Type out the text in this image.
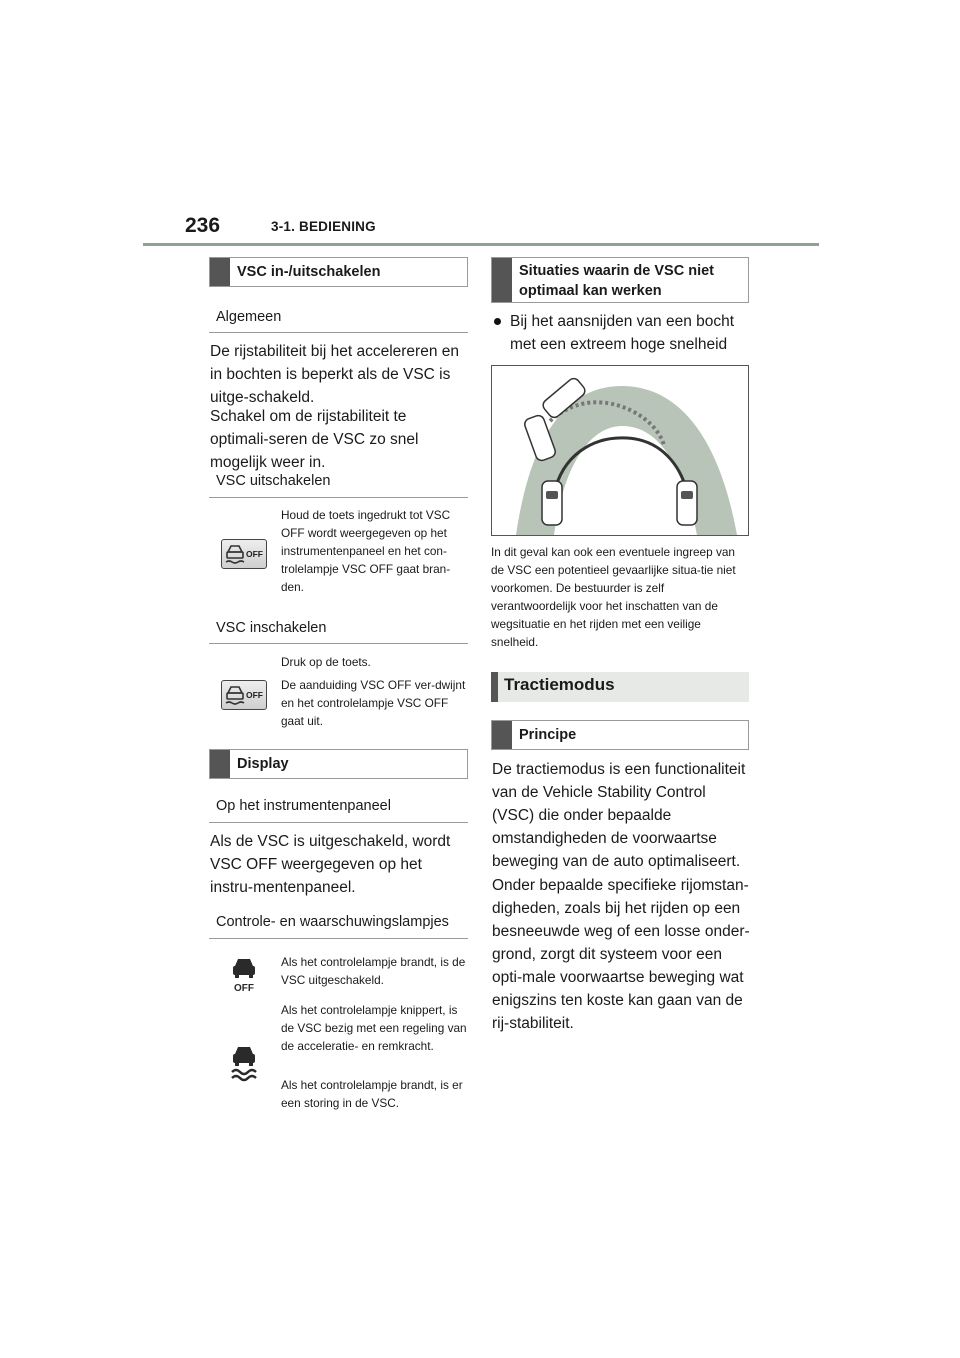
236	3-1. BEDIENING
VSC in-/uitschakelen
Algemeen
De rijstabiliteit bij het accelereren en in bochten is beperkt als de VSC is uitge-schakeld.
Schakel om de rijstabiliteit te optimali-seren de VSC zo snel mogelijk weer in.
VSC uitschakelen
OFF
Houd de toets ingedrukt tot VSC OFF wordt weergegeven op het instrumentenpaneel en het con-trolelampje VSC OFF gaat bran-den.
VSC inschakelen
OFF
Druk op de toets.
De aanduiding VSC OFF ver-dwijnt en het controlelampje VSC OFF gaat uit.
Display
Op het instrumentenpaneel
Als de VSC is uitgeschakeld, wordt VSC OFF weergegeven op het instru-mentenpaneel.
Controle- en waarschuwingslampjes
OFF
Als het controlelampje brandt, is de VSC uitgeschakeld.
Als het controlelampje knippert, is de VSC bezig met een regeling van de acceleratie- en remkracht.
Als het controlelampje brandt, is er een storing in de VSC.
Situaties waarin de VSC niet optimaal kan werken
Bij het aansnijden van een bocht met een extreem hoge snelheid
In dit geval kan ook een eventuele ingreep van de VSC een potentieel gevaarlijke situa-tie niet voorkomen. De bestuurder is zelf verantwoordelijk voor het inschatten van de wegsituatie en het rijden met een veilige snelheid.
Tractiemodus
Principe
De tractiemodus is een functionaliteit van de Vehicle Stability Control (VSC) die onder bepaalde omstandigheden de voorwaartse beweging van de auto optimaliseert.
Onder bepaalde specifieke rijomstan-digheden, zoals bij het rijden op een besneeuwde weg of een losse onder-grond, zorgt dit systeem voor een opti-male voorwaartse beweging wat enigszins ten koste kan gaan van de rij-stabiliteit.
